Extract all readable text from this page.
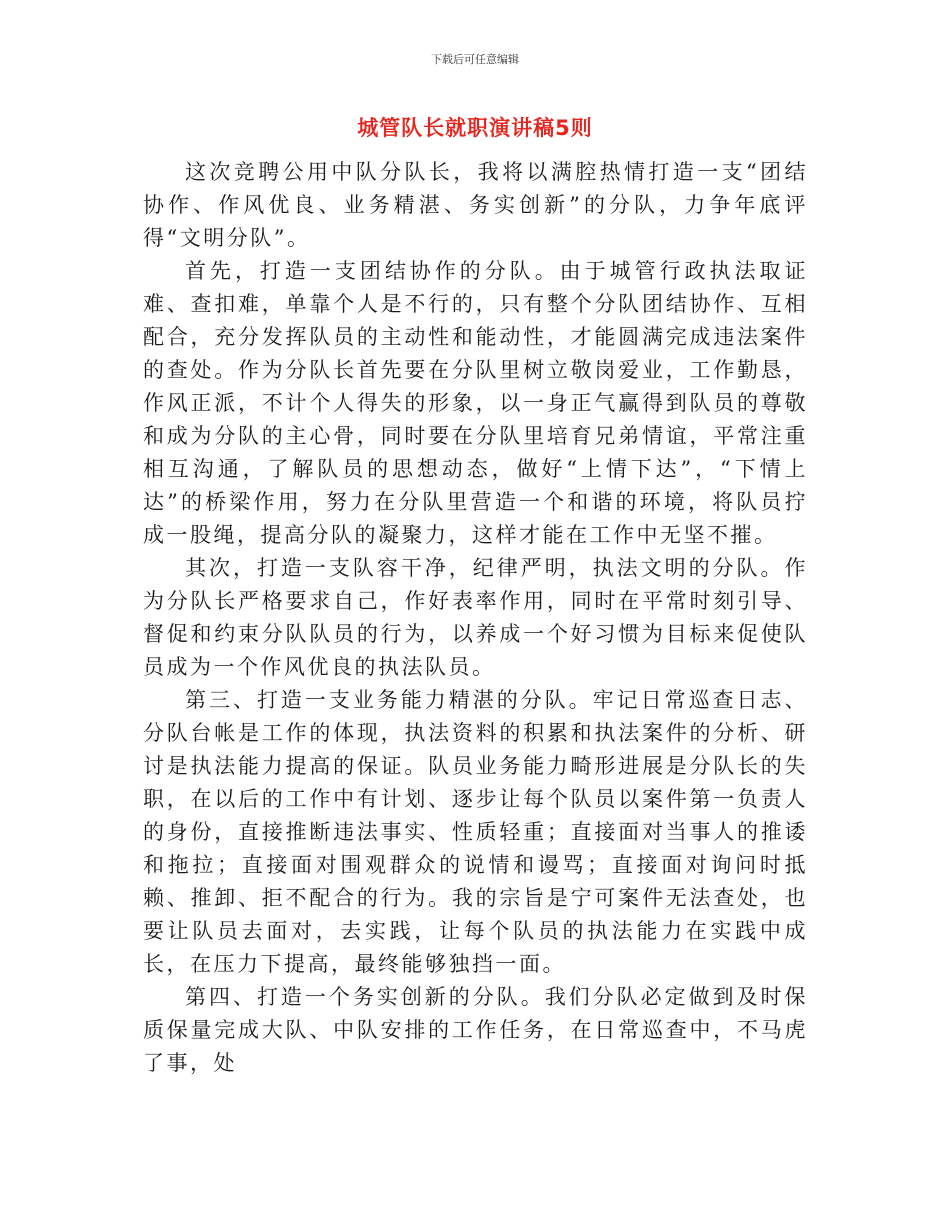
下载后可任意编辑
城管队长就职演讲稿5则

这次竞聘公用中队分队长，我将以满腔热情打造一支“团结协作、作风优良、业务精湛、务实创新”的分队，力争年底评得“文明分队”。

首先，打造一支团结协作的分队。由于城管行政执法取证难、查扣难，单靠个人是不行的，只有整个分队团结协作、互相配合，充分发挥队员的主动性和能动性，才能圆满完成违法案件的查处。作为分队长首先要在分队里树立敬岗爱业，工作勤恳，作风正派，不计个人得失的形象，以一身正气赢得到队员的尊敬和成为分队的主心骨，同时要在分队里培育兄弟情谊，平常注重相互沟通，了解队员的思想动态，做好“上情下达”，“下情上达”的桥梁作用，努力在分队里营造一个和谐的环境，将队员拧成一股绳，提高分队的凝聚力，这样才能在工作中无坚不摧。

其次，打造一支队容干净，纪律严明，执法文明的分队。作为分队长严格要求自己，作好表率作用，同时在平常时刻引导、督促和约束分队队员的行为，以养成一个好习惯为目标来促使队员成为一个作风优良的执法队员。

第三、打造一支业务能力精湛的分队。牢记日常巡查日志、分队台帐是工作的体现，执法资料的积累和执法案件的分析、研讨是执法能力提高的保证。队员业务能力畸形进展是分队长的失职，在以后的工作中有计划、逐步让每个队员以案件第一负责人的身份，直接推断违法事实、性质轻重；直接面对当事人的推诿和拖拉；直接面对围观群众的说情和谩骂；直接面对询问时抵赖、推卸、拒不配合的行为。我的宗旨是宁可案件无法查处，也要让队员去面对，去实践，让每个队员的执法能力在实践中成长，在压力下提高，最终能够独挡一面。

第四、打造一个务实创新的分队。我们分队必定做到及时保质保量完成大队、中队安排的工作任务，在日常巡查中，不马虎了事，处
